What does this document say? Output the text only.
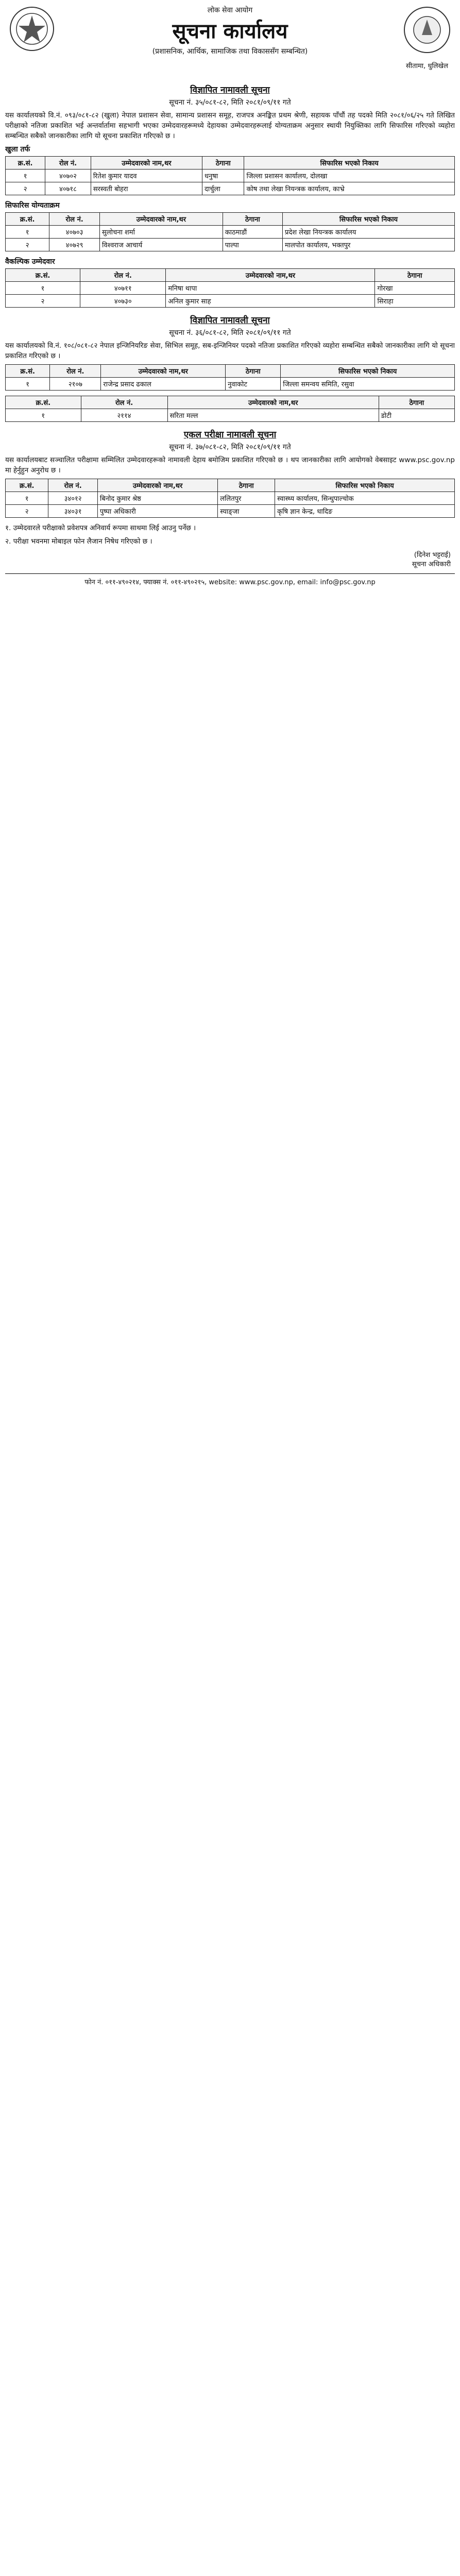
लोक सेवा आयोग
सूचना कार्यालय
(प्रशासनिक, आर्थिक, सामाजिक तथा विकाससँग सम्बन्धित)
सीतामा, धुलिखेल
विज्ञापित नामावली सूचना
सूचना नं. ३५/०८१-८२, मिति २०८१/०९/११ गते

यस कार्यालयको वि.नं. ०९३/०८१-८२ (खुला) नेपाल प्रशासन सेवा, सामान्य प्रशासन समूह, राजपत्र अनङ्कित प्रथम श्रेणी, सहायक पाँचौं तह पदको मिति २०८१/०६/२५ गते लिखित परीक्षाको नतिजा प्रकाशित भई अन्तर्वार्तामा सहभागी भएका उम्मेदवारहरूमध्ये देहायका उम्मेदवारहरूलाई योग्यताक्रम अनुसार स्थायी नियुक्तिका लागि सिफारिस गरिएको व्यहोरा सम्बन्धित सबैको जानकारीका लागि यो सूचना प्रकाशित गरिएको छ ।

खुला तर्फ
क्र.सं.	रोल नं.	उम्मेदवारको नाम,थर	ठेगाना	सिफारिस भएको निकाय
१	४०७०२	रितेश कुमार यादव	धनुषा	जिल्ला प्रशासन कार्यालय, दोलखा
२	४०७१८	सरस्वती बोहरा	दार्चुला	कोष तथा लेखा नियन्त्रक कार्यालय, काभ्रे
सिफारिस योग्यताक्रम
क्र.सं.	रोल नं.	उम्मेदवारको नाम,थर	ठेगाना	सिफारिस भएको निकाय
१	४०७०३	सुलोचना शर्मा	काठमाडौं	प्रदेश लेखा नियन्त्रक कार्यालय
२	४०७२९	विश्वराज आचार्य	पाल्पा	मालपोत कार्यालय, भक्तपुर
वैकल्पिक उम्मेदवार
क्र.सं.	रोल नं.	उम्मेदवारको नाम,थर	ठेगाना
१	४०७११	मनिषा थापा	गोरखा
२	४०७३०	अनिल कुमार साह	सिराहा
विज्ञापित नामावली सूचना
सूचना नं. ३६/०८१-८२, मिति २०८१/०९/११ गते

यस कार्यालयको वि.नं. १०८/०८१-८२ नेपाल इन्जिनियरिङ सेवा, सिभिल समूह, सब-इन्जिनियर पदको नतिजा प्रकाशित गरिएको व्यहोरा सम्बन्धित सबैको जानकारीका लागि यो सूचना प्रकाशित गरिएको छ ।

क्र.सं.	रोल नं.	उम्मेदवारको नाम,थर	ठेगाना	सिफारिस भएको निकाय
१	२१०७	राजेन्द्र प्रसाद ढकाल	नुवाकोट	जिल्ला समन्वय समिति, रसुवा
क्र.सं.	रोल नं.	उम्मेदवारको नाम,थर	ठेगाना
१	२११४	सरिता मल्ल	डोटी
एकल परीक्षा नामावली सूचना
सूचना नं. ३७/०८१-८२, मिति २०८१/०९/११ गते

यस कार्यालयबाट सञ्चालित परीक्षामा सम्मिलित उम्मेदवारहरूको नामावली देहाय बमोजिम प्रकाशित गरिएको छ । थप जानकारीका लागि आयोगको वेबसाइट www.psc.gov.np मा हेर्नुहुन अनुरोध छ ।

क्र.सं.	रोल नं.	उम्मेदवारको नाम,थर	ठेगाना	सिफारिस भएको निकाय
१	३४०१२	बिनोद कुमार श्रेष्ठ	ललितपुर	स्वास्थ्य कार्यालय, सिन्धुपाल्चोक
२	३४०३१	पुष्पा अधिकारी	स्याङ्जा	कृषि ज्ञान केन्द्र, धादिङ
१. उम्मेदवारले परीक्षाको प्रवेशपत्र अनिवार्य रूपमा साथमा लिई आउनु पर्नेछ ।
२. परीक्षा भवनमा मोबाइल फोन लैजान निषेध गरिएको छ ।
(दिनेश भट्टराई)
सूचना अधिकारी
फोन नं. ०११-४९०२१४, फ्याक्स नं. ०११-४९०२१५, website: www.psc.gov.np, email: info@psc.gov.np
